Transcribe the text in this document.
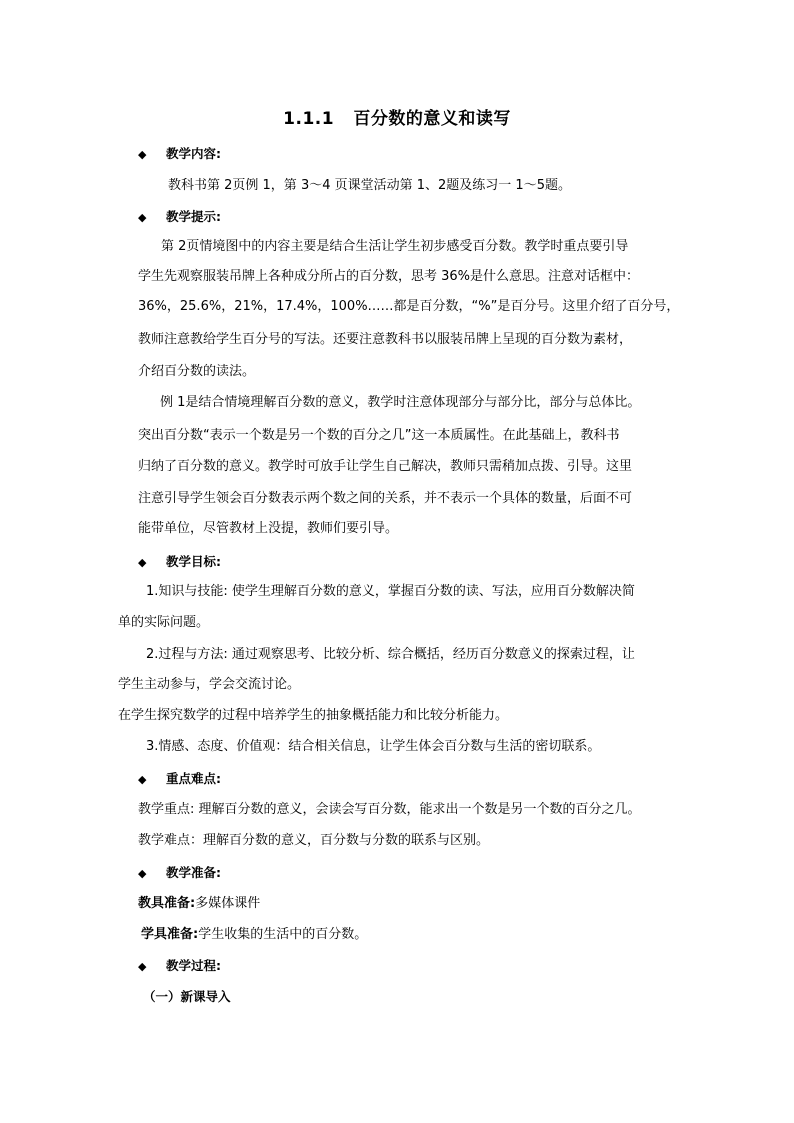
1.1.1   百分数的意义和读写
◆ 教学内容:
教科书第 2页例 1，第 3～4 页课堂活动第 1、2题及练习一 1～5题。
◆ 教学提示:
第 2页情境图中的内容主要是结合生活让学生初步感受百分数。教学时重点要引导
学生先观察服装吊牌上各种成分所占的百分数，思考 36%是什么意思。注意对话框中：
36%，25.6%，21%，17.4%，100%……都是百分数，“%”是百分号。这里介绍了百分号，
教师注意教给学生百分号的写法。还要注意教科书以服装吊牌上呈现的百分数为素材，
介绍百分数的读法。
例 1是结合情境理解百分数的意义，教学时注意体现部分与部分比，部分与总体比。
突出百分数“表示一个数是另一个数的百分之几”这一本质属性。在此基础上，教科书
归纳了百分数的意义。教学时可放手让学生自己解决，教师只需稍加点拨、引导。这里
注意引导学生领会百分数表示两个数之间的关系，并不表示一个具体的数量，后面不可
能带单位，尽管教材上没提，教师们要引导。
◆ 教学目标:
1.知识与技能: 使学生理解百分数的意义，掌握百分数的读、写法，应用百分数解决简
单的实际问题。
2.过程与方法: 通过观察思考、比较分析、综合概括，经历百分数意义的探索过程，让
学生主动参与，学会交流讨论。
在学生探究数学的过程中培养学生的抽象概括能力和比较分析能力。
3.情感、态度、价值观：结合相关信息，让学生体会百分数与生活的密切联系。
◆ 重点难点:
教学重点: 理解百分数的意义，会读会写百分数，能求出一个数是另一个数的百分之几。
教学难点：理解百分数的意义，百分数与分数的联系与区别。
◆ 教学准备:
教具准备:多媒体课件
学具准备:学生收集的生活中的百分数。
◆ 教学过程:
（一）新课导入
